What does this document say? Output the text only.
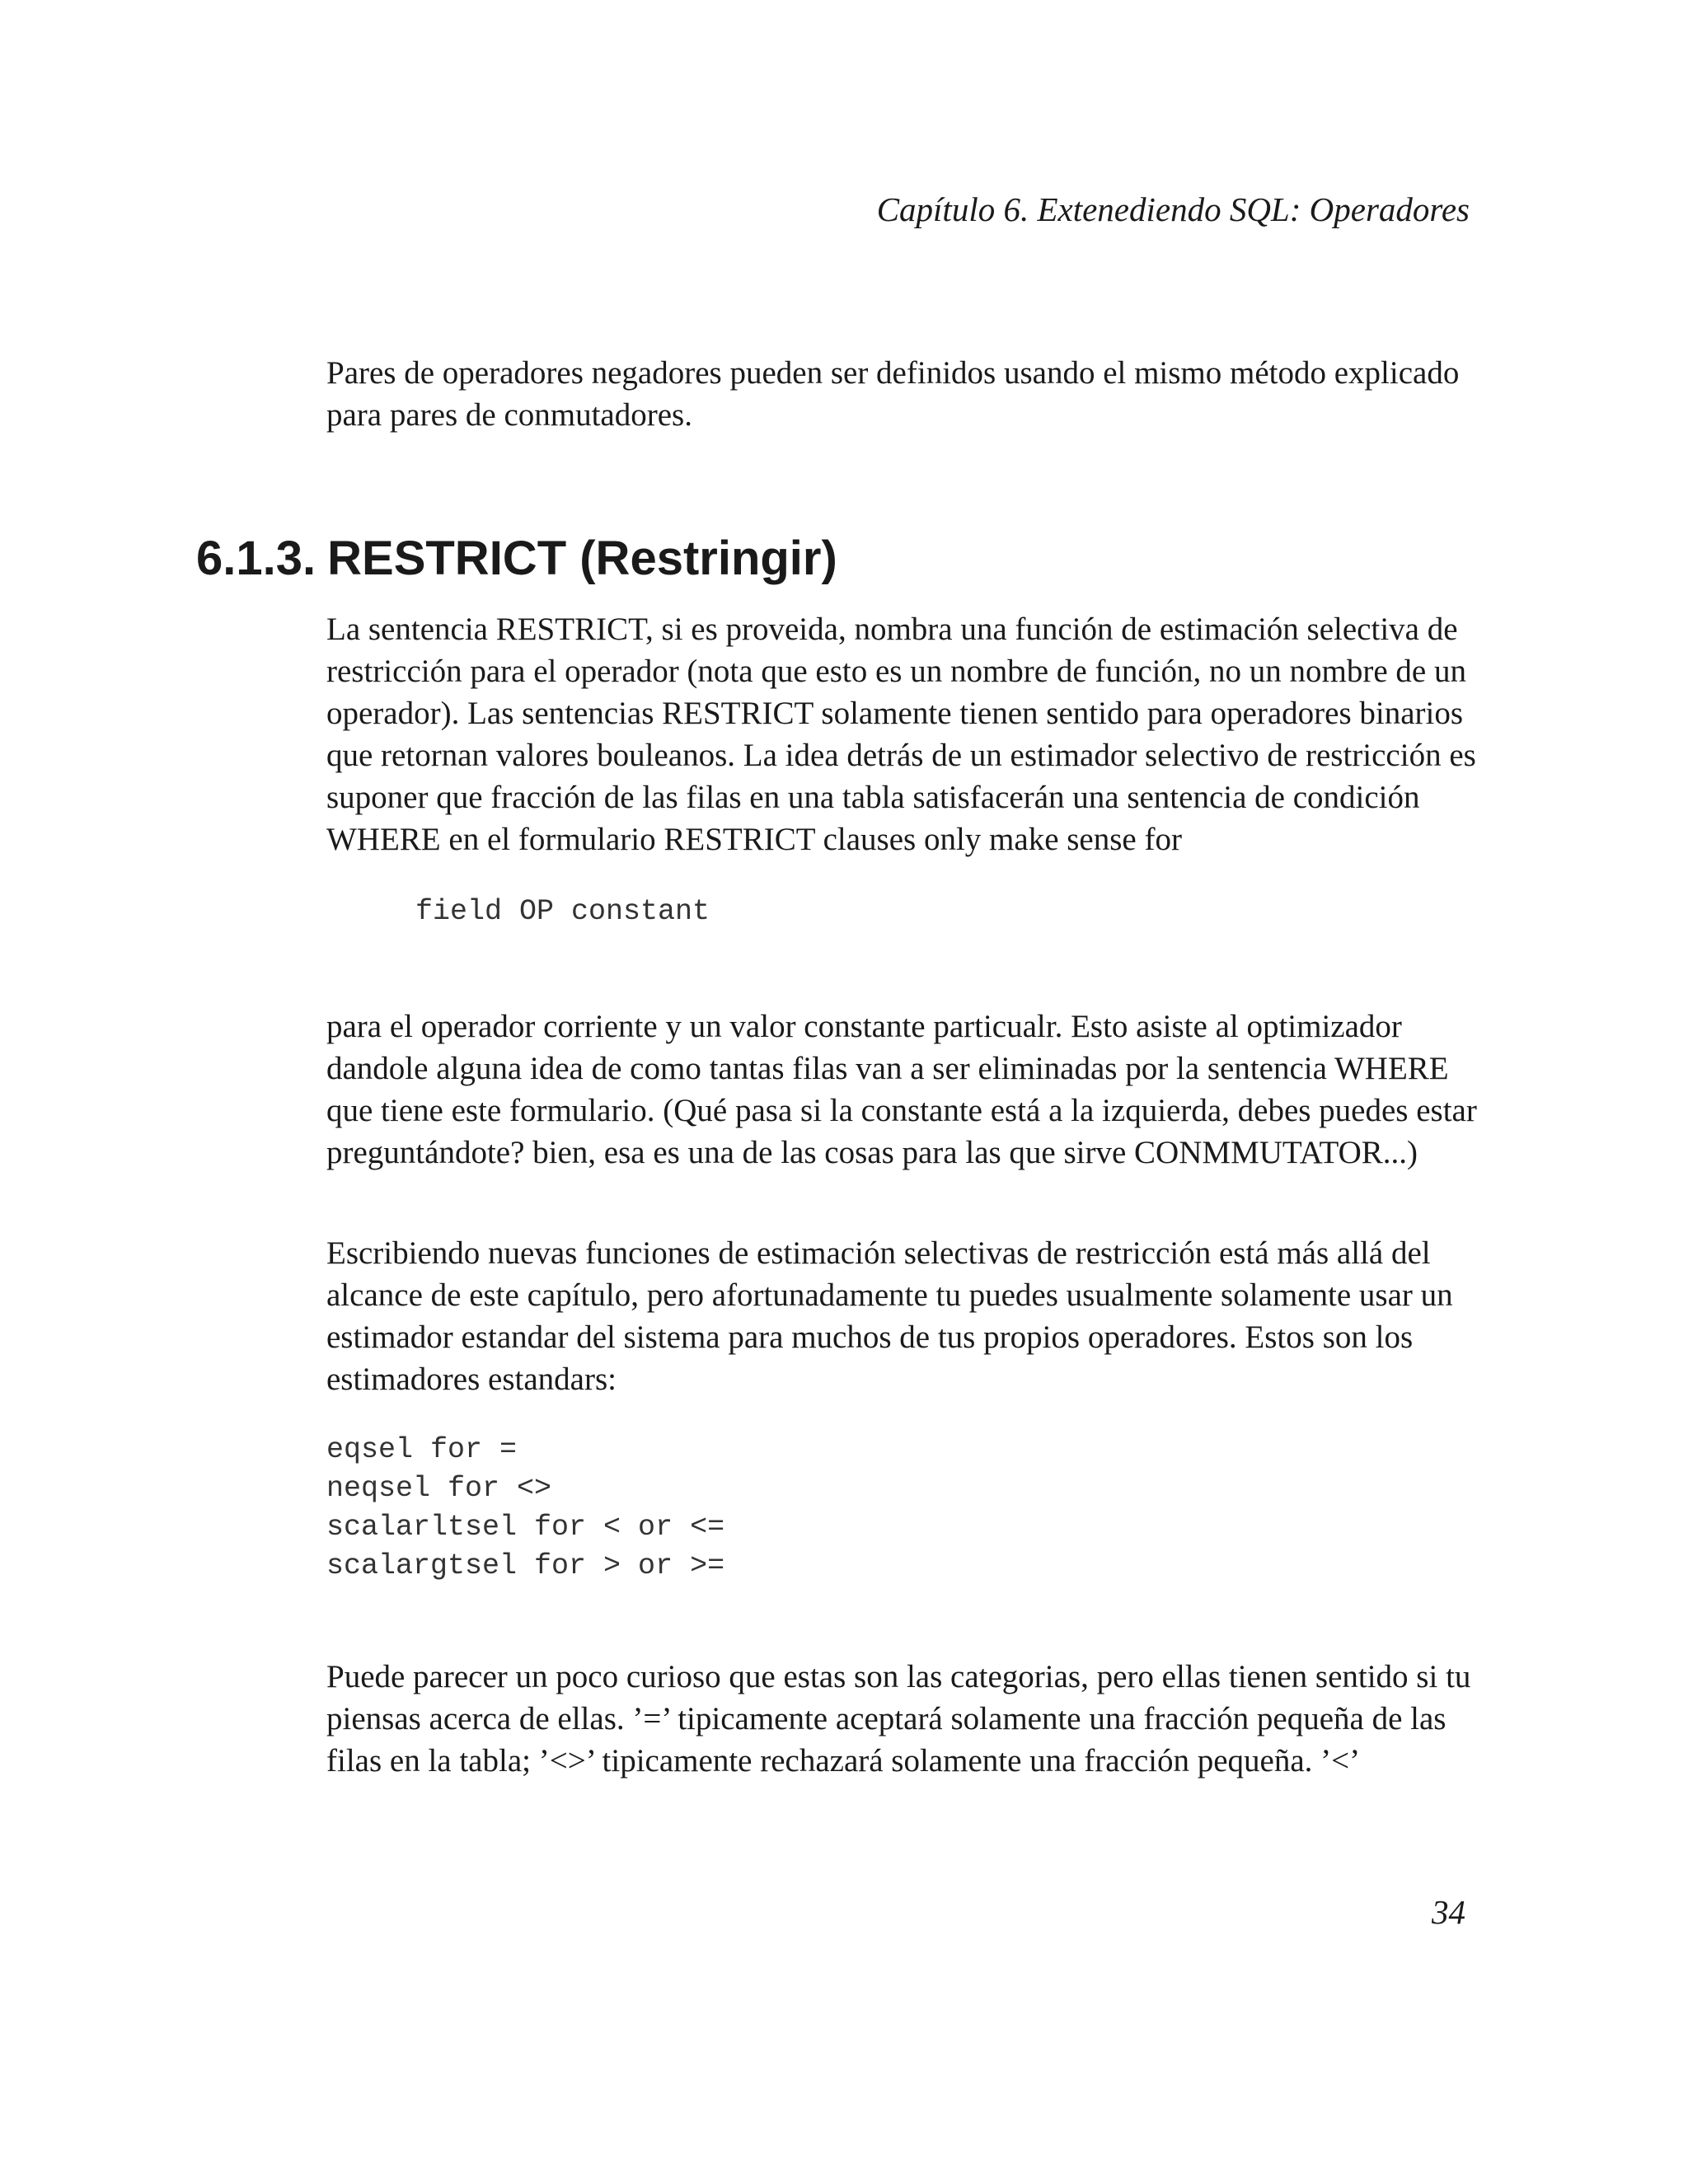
Capítulo 6. Extenediendo SQL: Operadores

Pares de operadores negadores pueden ser definidos usando el mismo método explicado para pares de conmutadores.

6.1.3. RESTRICT (Restringir)

La sentencia RESTRICT, si es proveida, nombra una función de estimación selectiva de restricción para el operador (nota que esto es un nombre de función, no un nombre de un operador). Las sentencias RESTRICT solamente tienen sentido para operadores binarios que retornan valores bouleanos. La idea detrás de un estimador selectivo de restricción es suponer que fracción de las filas en una tabla satisfacerán una sentencia de condición WHERE en el formulario RESTRICT clauses only make sense for

field OP constant

para el operador corriente y un valor constante particualr. Esto asiste al optimizador dandole alguna idea de como tantas filas van a ser eliminadas por la sentencia WHERE que tiene este formulario. (Qué pasa si la constante está a la izquierda, debes puedes estar preguntándote? bien, esa es una de las cosas para las que sirve CONMMUTATOR...)

Escribiendo nuevas funciones de estimación selectivas de restricción está más allá del alcance de este capítulo, pero afortunadamente tu puedes usualmente solamente usar un estimador estandar del sistema para muchos de tus propios operadores. Estos son los estimadores estandars:

eqsel for =
neqsel for <>
scalarltsel for < or <=
scalargtsel for > or >=

Puede parecer un poco curioso que estas son las categorias, pero ellas tienen sentido si tu piensas acerca de ellas. ’=’ tipicamente aceptará solamente una fracción pequeña de las filas en la tabla; ’<>’ tipicamente rechazará solamente una fracción pequeña. ’<’

34
